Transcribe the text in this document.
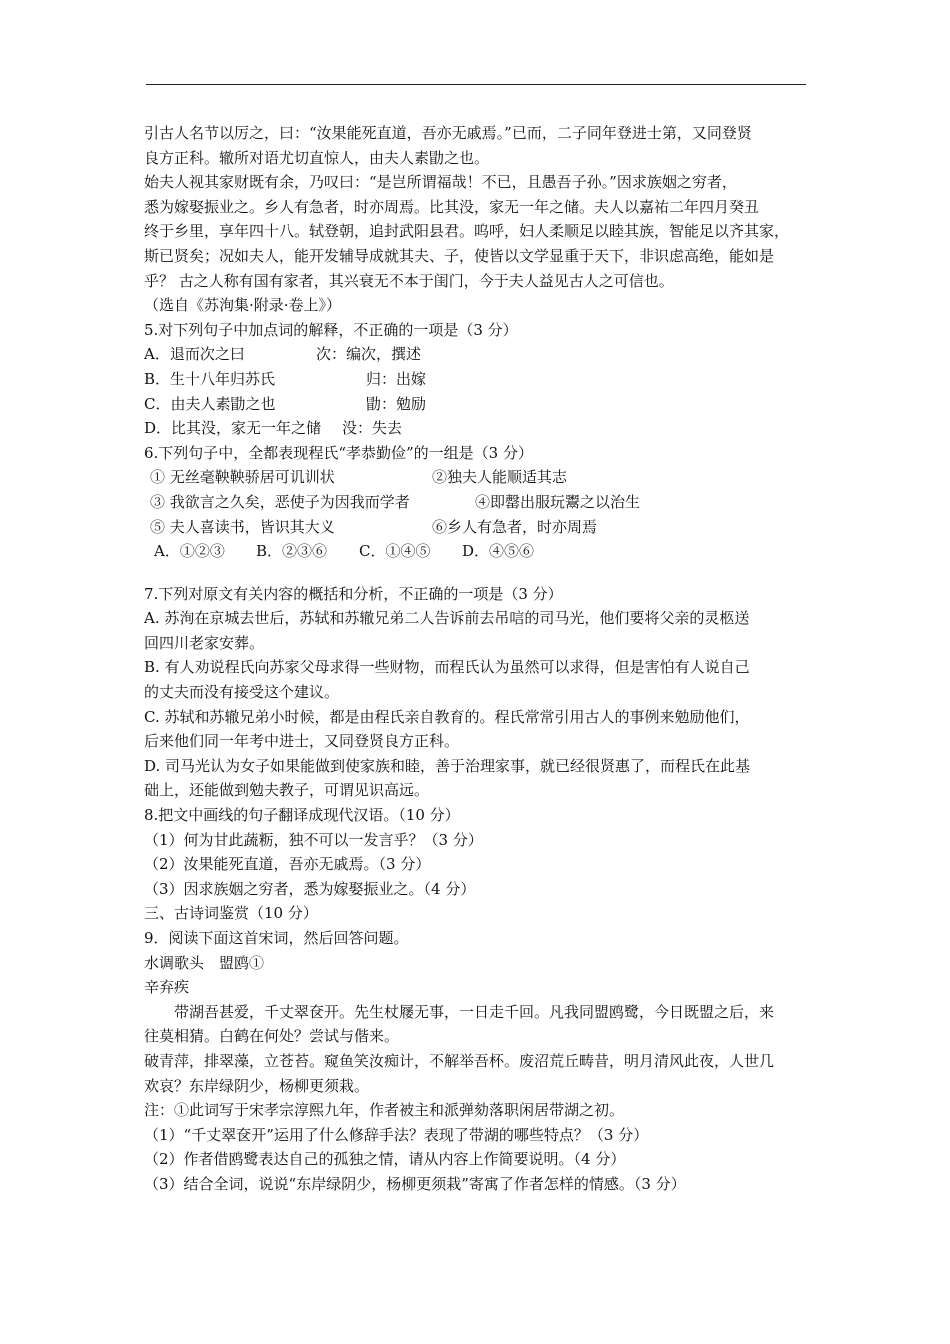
引古人名节以厉之，曰：“汝果能死直道，吾亦无戚焉。”已而，二子同年登进士第，又同登贤
良方正科。辙所对语尤切直惊人，由夫人素勖之也。
始夫人视其家财既有余，乃叹曰：“是岂所谓福哉！不已，且愚吾子孙。”因求族姻之穷者，
悉为嫁娶振业之。乡人有急者，时亦周焉。比其没，家无一年之储。夫人以嘉祐二年四月癸丑
终于乡里，享年四十八。轼登朝，追封武阳县君。呜呼，妇人柔顺足以睦其族，智能足以齐其家，
斯已贤矣；况如夫人，能开发辅导成就其夫、子，使皆以文学显重于天下，非识虑高绝，能如是
乎？ 古之人称有国有家者，其兴衰无不本于闺门，今于夫人益见古人之可信也。
（选自《苏洵集·附录·卷上》）
5.对下列句子中加点词的解释，不正确的一项是（3 分）
A．退而次之曰	次：编次，撰述
B．生十八年归苏氏	归：出嫁
C．由夫人素勖之也	勖：勉励
D．比其没，家无一年之储 没：失去
6.下列句子中，全都表现程氏“孝恭勤俭”的一组是（3 分）
① 无丝毫鞅鞅骄居可讥训状	②独夫人能顺适其志
③ 我欲言之久矣，恶使子为因我而学者	④即罄出服玩鬻之以治生
⑤ 夫人喜读书，皆识其大义	⑥乡人有急者，时亦周焉
A．①②③ B．②③⑥ C．①④⑤ D．④⑤⑥
7.下列对原文有关内容的概括和分析，不正确的一项是（3 分）
A. 苏洵在京城去世后，苏轼和苏辙兄弟二人告诉前去吊唁的司马光，他们要将父亲的灵柩送
回四川老家安葬。
B. 有人劝说程氏向苏家父母求得一些财物，而程氏认为虽然可以求得，但是害怕有人说自己
的丈夫而没有接受这个建议。
C. 苏轼和苏辙兄弟小时候，都是由程氏亲自教育的。程氏常常引用古人的事例来勉励他们，
后来他们同一年考中进士，又同登贤良方正科。
D. 司马光认为女子如果能做到使家族和睦，善于治理家事，就已经很贤惠了，而程氏在此基
础上，还能做到勉夫教子，可谓见识高远。
8.把文中画线的句子翻译成现代汉语。（10 分）
（1）何为甘此蔬粝，独不可以一发言乎？（3 分）
（2）汝果能死直道，吾亦无戚焉。（3 分）
（3）因求族姻之穷者，悉为嫁娶振业之。（4 分）
三、古诗词鉴赏（10 分）
9．阅读下面这首宋词，然后回答问题。
水调歌头　盟鸥①
辛弃疾
带湖吾甚爱，千丈翠奁开。先生杖屦无事，一日走千回。凡我同盟鸥鹭，今日既盟之后，来
往莫相猜。白鹤在何处？尝试与偕来。
破青萍，排翠藻，立苍苔。窥鱼笑汝痴计，不解举吾杯。废沼荒丘畴昔，明月清风此夜，人世几
欢哀？东岸绿阴少，杨柳更须栽。
注：①此词写于宋孝宗淳熙九年，作者被主和派弹劾落职闲居带湖之初。
（1）“千丈翠奁开”运用了什么修辞手法？表现了带湖的哪些特点？（3 分）
（2）作者借鸥鹭表达自己的孤独之情，请从内容上作简要说明。（4 分）
（3）结合全词，说说“东岸绿阴少，杨柳更须栽”寄寓了作者怎样的情感。（3 分）
